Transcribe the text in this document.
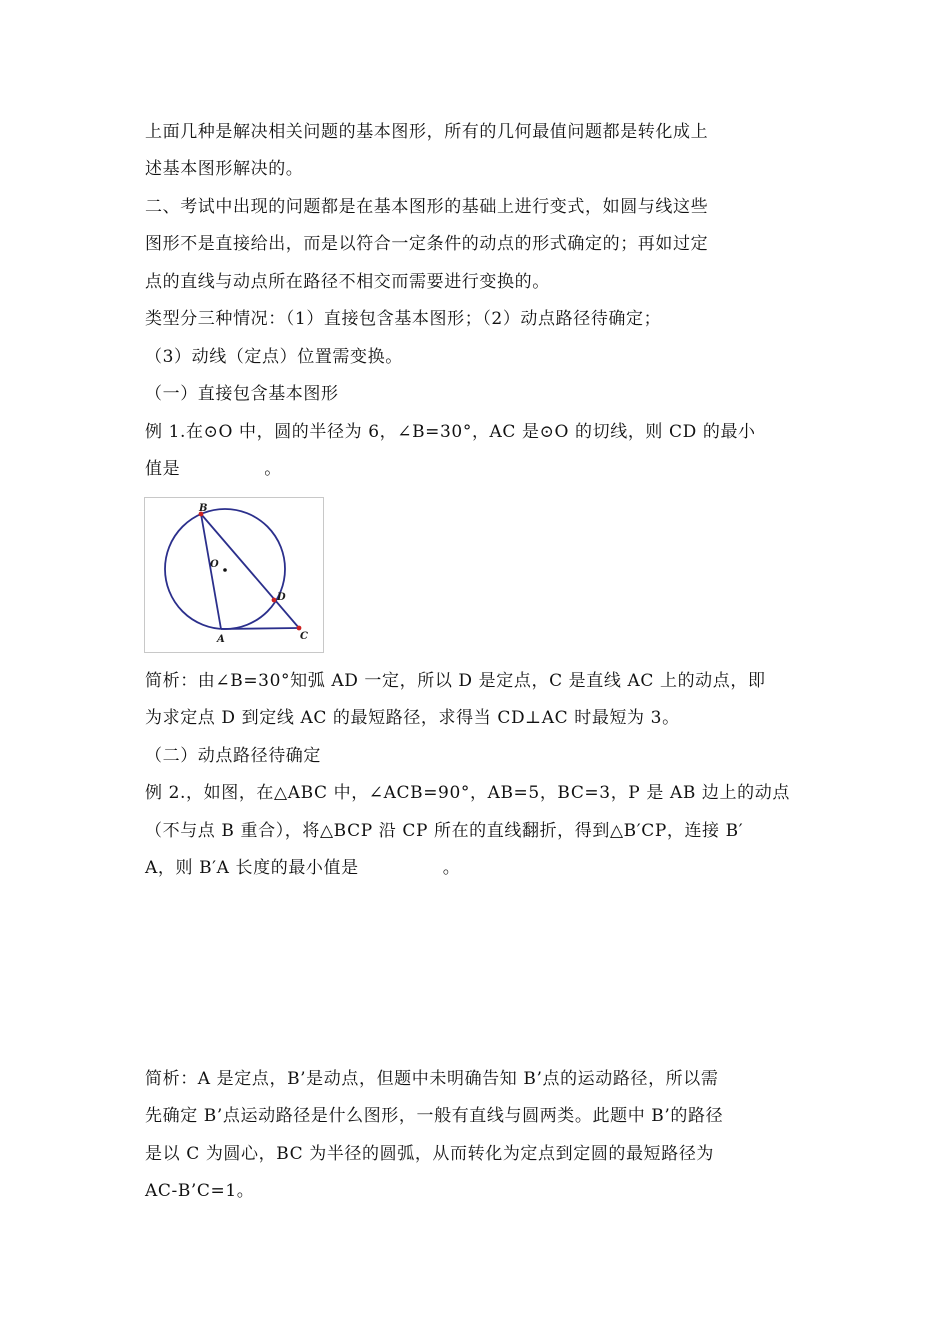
上面几种是解决相关问题的基本图形，所有的几何最值问题都是转化成上
述基本图形解决的。
二、考试中出现的问题都是在基本图形的基础上进行变式，如圆与线这些
图形不是直接给出，而是以符合一定条件的动点的形式确定的；再如过定
点的直线与动点所在路径不相交而需要进行变换的。
类型分三种情况：（1）直接包含基本图形；（2）动点路径待确定；
（3）动线（定点）位置需变换。
（一）直接包含基本图形
例 1.在⊙O 中，圆的半径为 6，∠B=30°，AC 是⊙O 的切线，则 CD 的最小
值是              。
B
O
D
A	C
简析：由∠B=30°知弧 AD 一定，所以 D 是定点，C 是直线 AC 上的动点，即
为求定点 D 到定线 AC 的最短路径，求得当 CD⊥AC 时最短为 3。
（二）动点路径待确定
例 2.，如图，在△ABC 中，∠ACB=90°，AB=5，BC=3，P 是 AB 边上的动点
（不与点 B 重合），将△BCP 沿 CP 所在的直线翻折，得到△B′CP，连接 B′
A，则 B′A 长度的最小值是              。
简析：A 是定点，B’是动点，但题中未明确告知 B’点的运动路径，所以需
先确定 B’点运动路径是什么图形，一般有直线与圆两类。此题中 B’的路径
是以 C 为圆心，BC 为半径的圆弧，从而转化为定点到定圆的最短路径为
AC-B’C=1。
